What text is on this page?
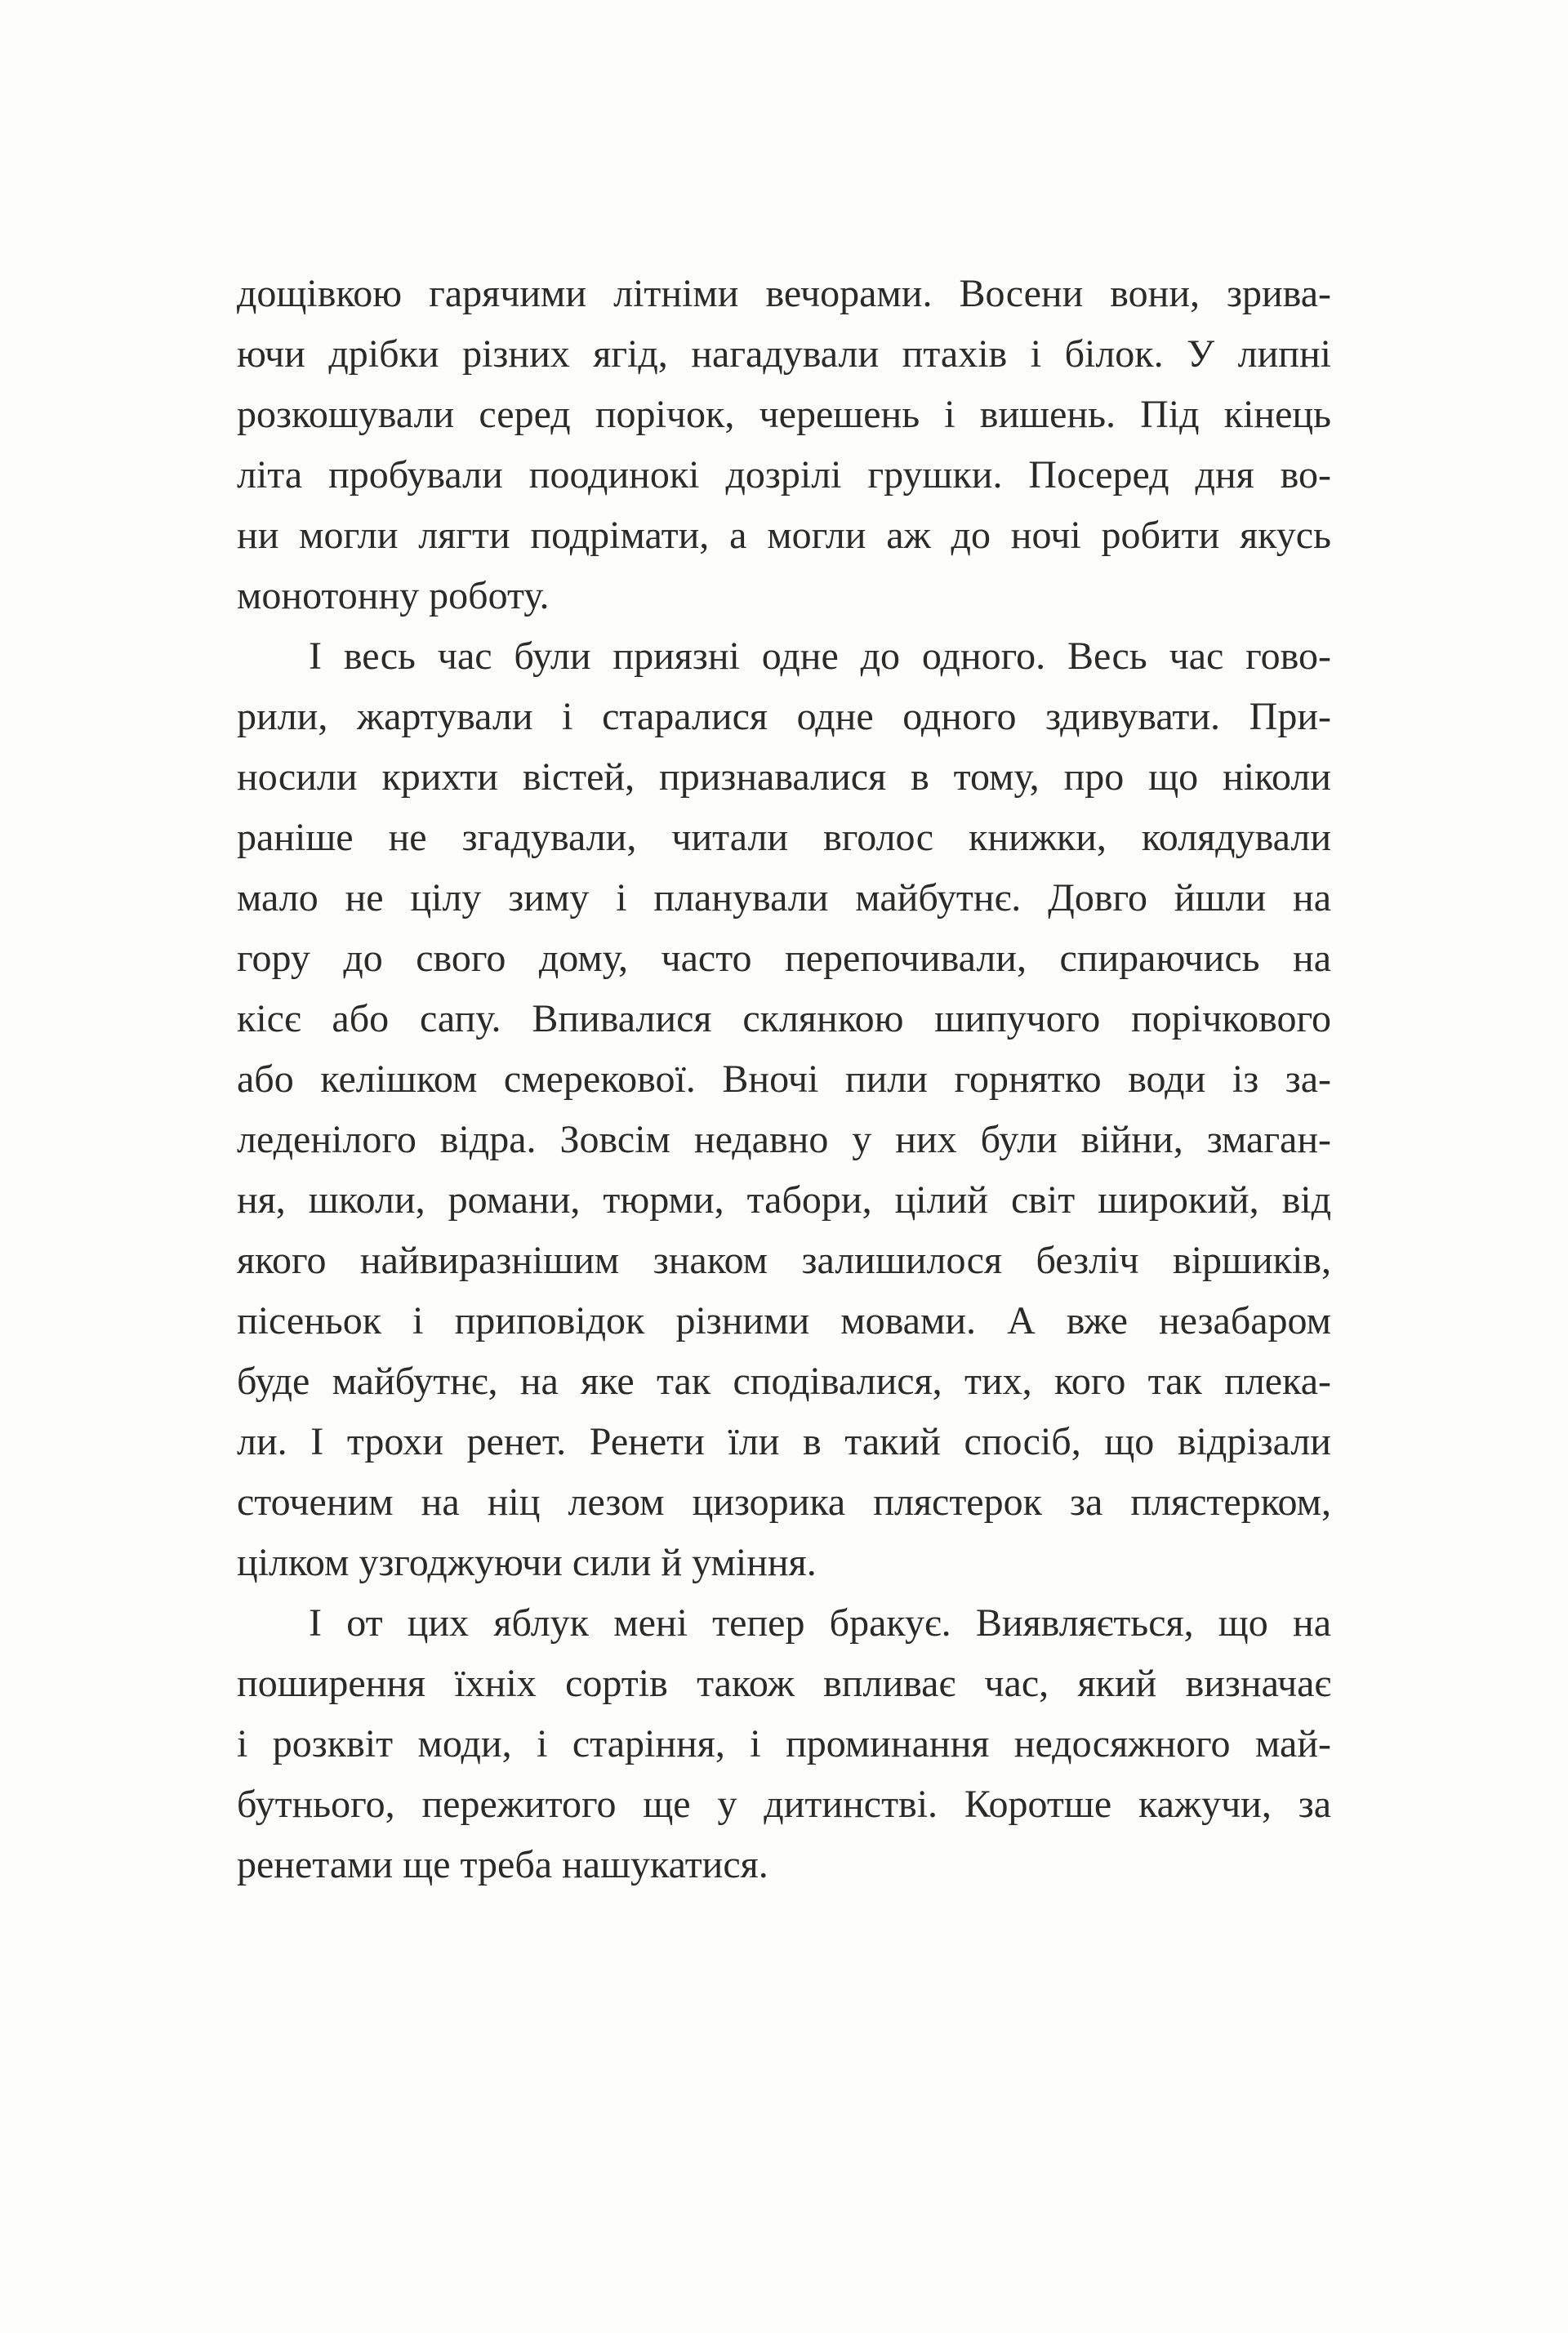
дощівкою гарячими літніми вечорами. Восени вони, зрива-
ючи дрібки різних ягід, нагадували птахів і білок. У липні
розкошували серед порічок, черешень і вишень. Під кінець
літа пробували поодинокі дозрілі грушки. Посеред дня во-
ни могли лягти подрімати, а могли аж до ночі робити якусь
монотонну роботу.
І весь час були приязні одне до одного. Весь час гово-
рили, жартували і старалися одне одного здивувати. При-
носили крихти вістей, признавалися в тому, про що ніколи
раніше не згадували, читали вголос книжки, колядували
мало не цілу зиму і планували майбутнє. Довго йшли на
гору до свого дому, часто перепочивали, спираючись на
кісє або сапу. Впивалися склянкою шипучого порічкового
або келішком смерекової. Вночі пили горнятко води із за-
леденілого відра. Зовсім недавно у них були війни, змаган-
ня, школи, романи, тюрми, табори, цілий світ широкий, від
якого найвиразнішим знаком залишилося безліч віршиків,
пісеньок і приповідок різними мовами. А вже незабаром
буде майбутнє, на яке так сподівалися, тих, кого так плека-
ли. І трохи ренет. Ренети їли в такий спосіб, що відрізали
сточеним на ніц лезом цизорика плястерок за плястерком,
цілком узгоджуючи сили й уміння.
І от цих яблук мені тепер бракує. Виявляється, що на
поширення їхніх сортів також впливає час, який визначає
і розквіт моди, і старіння, і проминання недосяжного май-
бутнього, пережитого ще у дитинстві. Коротше кажучи, за
ренетами ще треба нашукатися.
